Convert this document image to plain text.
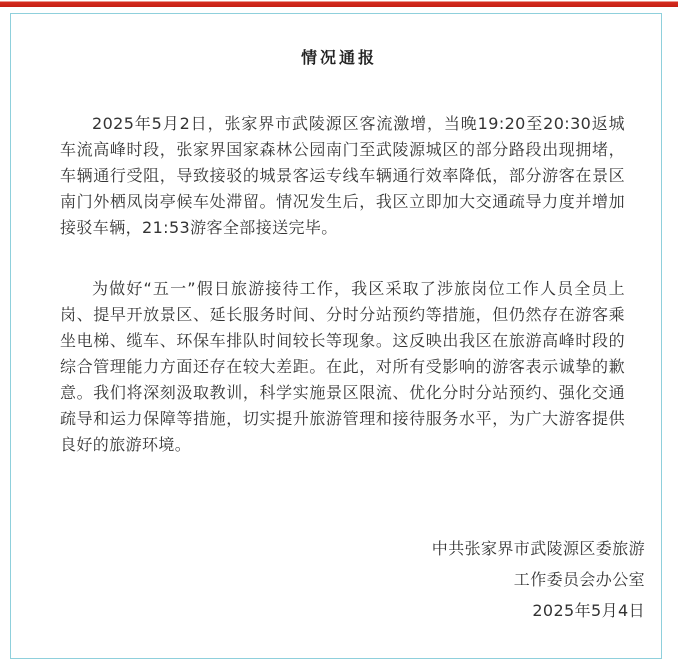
情况通报

2025年5月2日，张家界市武陵源区客流激增，当晚19:20至20:30返城车流高峰时段，张家界国家森林公园南门至武陵源城区的部分路段出现拥堵，车辆通行受阻，导致接驳的城景客运专线车辆通行效率降低，部分游客在景区南门外栖凤岗亭候车处滞留。情况发生后，我区立即加大交通疏导力度并增加接驳车辆，21:53游客全部接送完毕。

为做好“五一”假日旅游接待工作，我区采取了涉旅岗位工作人员全员上岗、提早开放景区、延长服务时间、分时分站预约等措施，但仍然存在游客乘坐电梯、缆车、环保车排队时间较长等现象。这反映出我区在旅游高峰时段的综合管理能力方面还存在较大差距。在此，对所有受影响的游客表示诚挚的歉意。我们将深刻汲取教训，科学实施景区限流、优化分时分站预约、强化交通疏导和运力保障等措施，切实提升旅游管理和接待服务水平，为广大游客提供良好的旅游环境。

中共张家界市武陵源区委旅游
工作委员会办公室
2025年5月4日
